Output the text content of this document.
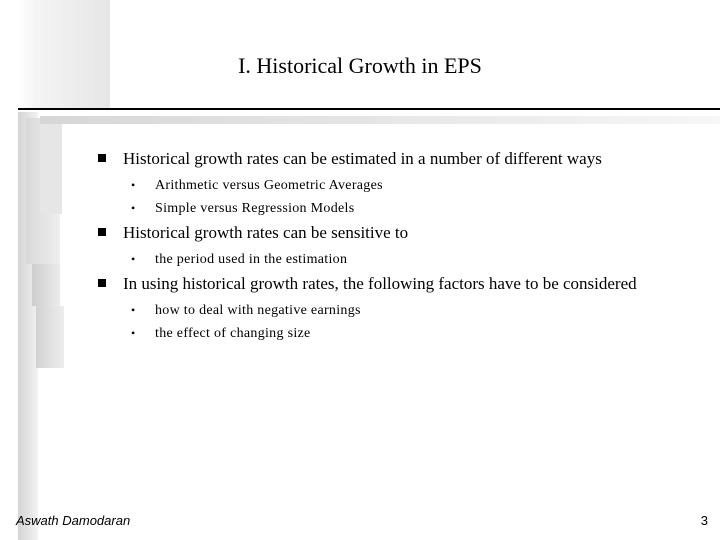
I. Historical Growth in EPS
Historical growth rates can be estimated in a number of different ways
• Arithmetic versus Geometric Averages
• Simple versus Regression Models
Historical growth rates can be sensitive to
• the period used in the estimation
In using historical growth rates, the following factors have to be considered
• how to deal with negative earnings
• the effect of changing size
Aswath Damodaran	3
